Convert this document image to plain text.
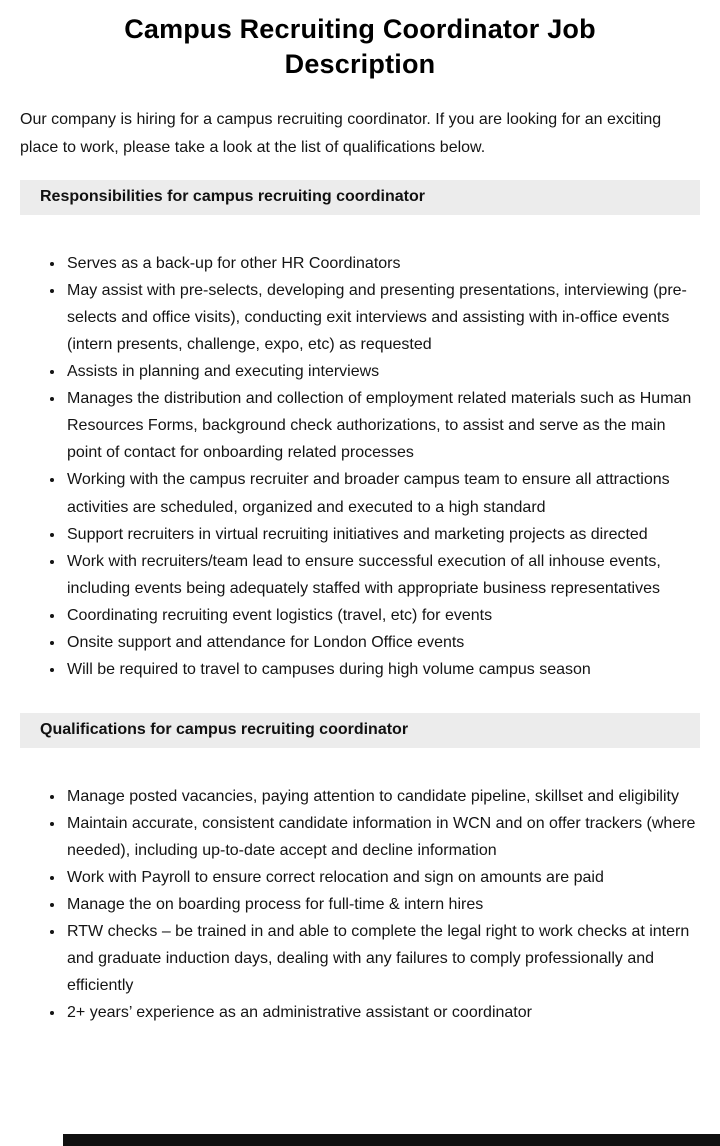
Campus Recruiting Coordinator Job Description

Our company is hiring for a campus recruiting coordinator. If you are looking for an exciting place to work, please take a look at the list of qualifications below.

Responsibilities for campus recruiting coordinator
• Serves as a back-up for other HR Coordinators
• May assist with pre-selects, developing and presenting presentations, interviewing (pre-selects and office visits), conducting exit interviews and assisting with in-office events (intern presents, challenge, expo, etc) as requested
• Assists in planning and executing interviews
• Manages the distribution and collection of employment related materials such as Human Resources Forms, background check authorizations, to assist and serve as the main point of contact for onboarding related processes
• Working with the campus recruiter and broader campus team to ensure all attractions activities are scheduled, organized and executed to a high standard
• Support recruiters in virtual recruiting initiatives and marketing projects as directed
• Work with recruiters/team lead to ensure successful execution of all inhouse events, including events being adequately staffed with appropriate business representatives
• Coordinating recruiting event logistics (travel, etc) for events
• Onsite support and attendance for London Office events
• Will be required to travel to campuses during high volume campus season
Qualifications for campus recruiting coordinator
• Manage posted vacancies, paying attention to candidate pipeline, skillset and eligibility
• Maintain accurate, consistent candidate information in WCN and on offer trackers (where needed), including up-to-date accept and decline information
• Work with Payroll to ensure correct relocation and sign on amounts are paid
• Manage the on boarding process for full-time & intern hires
• RTW checks – be trained in and able to complete the legal right to work checks at intern and graduate induction days, dealing with any failures to comply professionally and efficiently
• 2+ years’ experience as an administrative assistant or coordinator
